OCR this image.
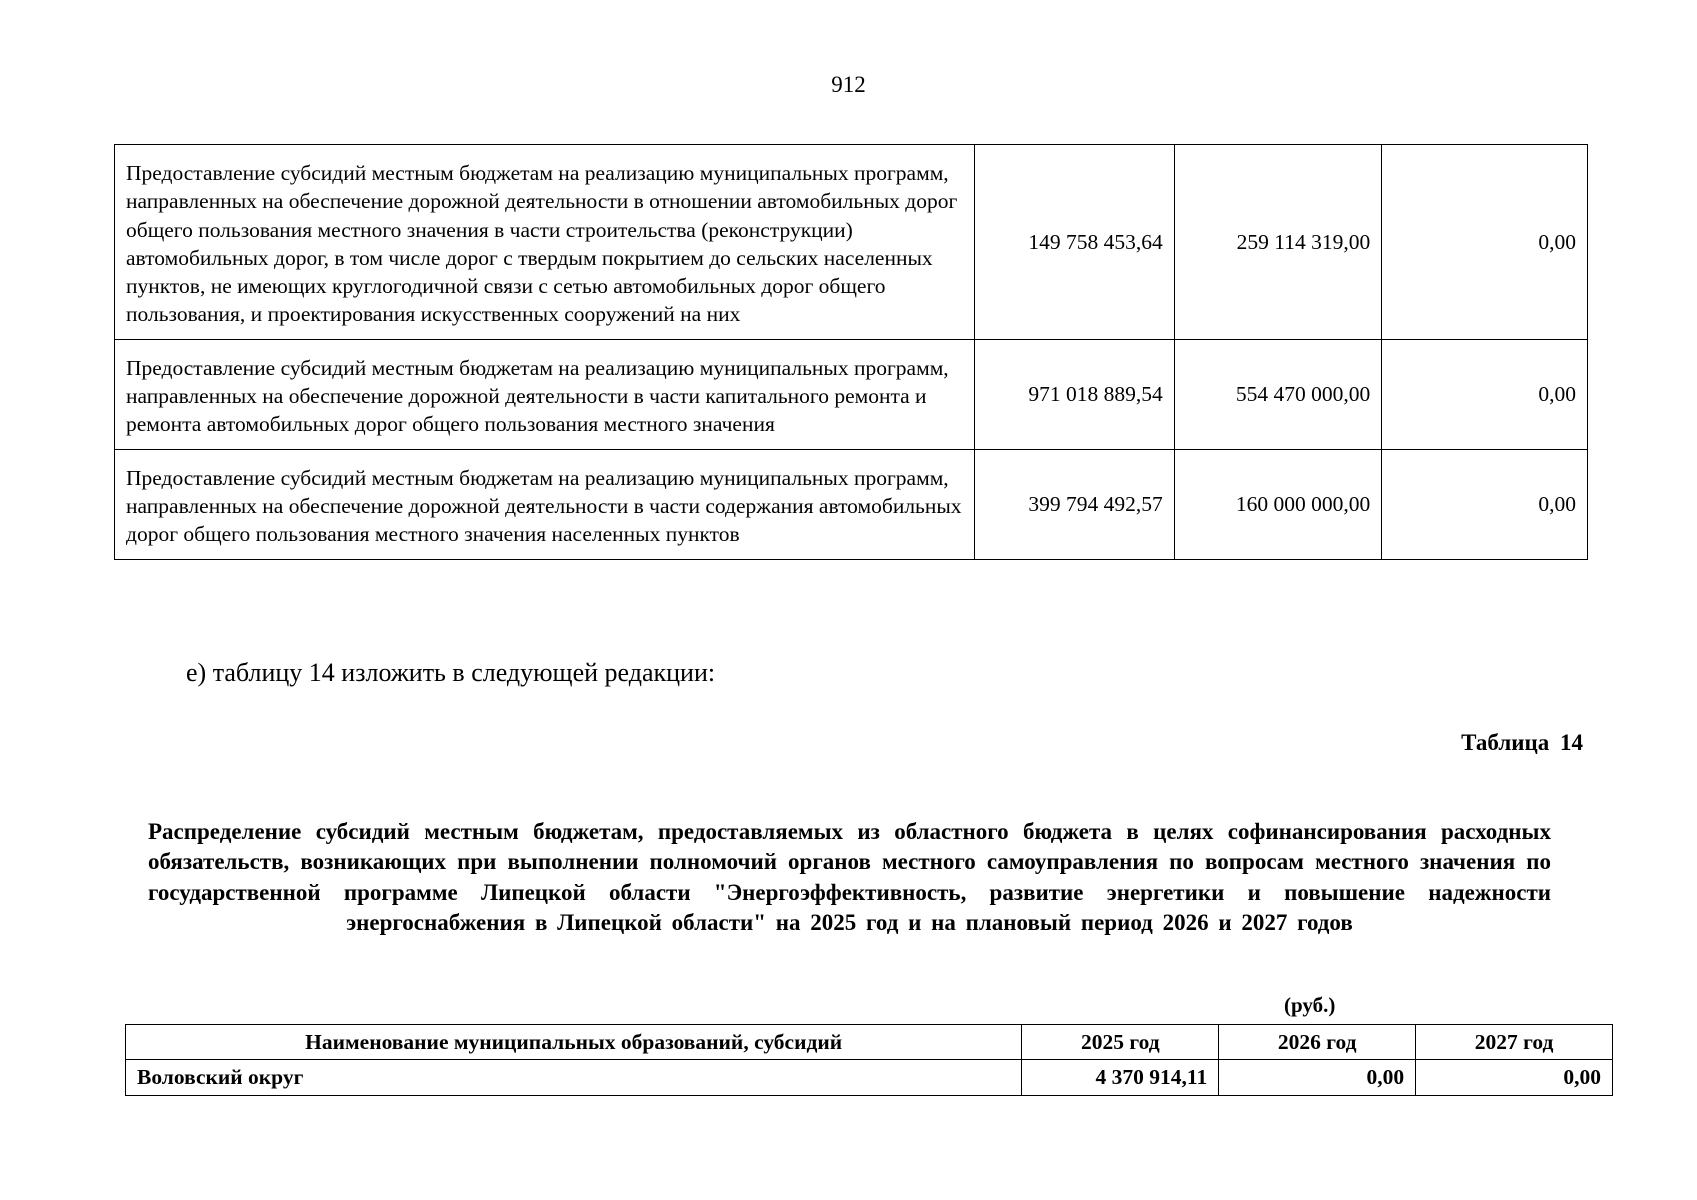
912
Предоставление субсидий местным бюджетам на реализацию муниципальных программ, направленных на обеспечение дорожной деятельности в отношении автомобильных дорог общего пользования местного значения в части строительства (реконструкции) автомобильных дорог, в том числе дорог с твердым покрытием до сельских населенных пунктов, не имеющих круглогодичной связи с сетью автомобильных дорог общего пользования, и проектирования искусственных сооружений на них	149 758 453,64	259 114 319,00	0,00
Предоставление субсидий местным бюджетам на реализацию муниципальных программ, направленных на обеспечение дорожной деятельности в части капитального ремонта и ремонта автомобильных дорог общего пользования местного значения	971 018 889,54	554 470 000,00	0,00
Предоставление субсидий местным бюджетам на реализацию муниципальных программ, направленных на обеспечение дорожной деятельности в части содержания автомобильных дорог общего пользования местного значения населенных пунктов	399 794 492,57	160 000 000,00	0,00
е) таблицу 14 изложить в следующей редакции:
Таблица 14
Распределение субсидий местным бюджетам, предоставляемых из областного бюджета в целях софинансирования расходных обязательств, возникающих при выполнении полномочий органов местного самоуправления по вопросам местного значения по государственной программе Липецкой области "Энергоэффективность, развитие энергетики и повышение надежности энергоснабжения в Липецкой области" на 2025 год и на плановый период 2026 и 2027 годов
(руб.)
Наименование муниципальных образований, субсидий	2025 год	2026 год	2027 год
Воловский округ	4 370 914,11	0,00	0,00
